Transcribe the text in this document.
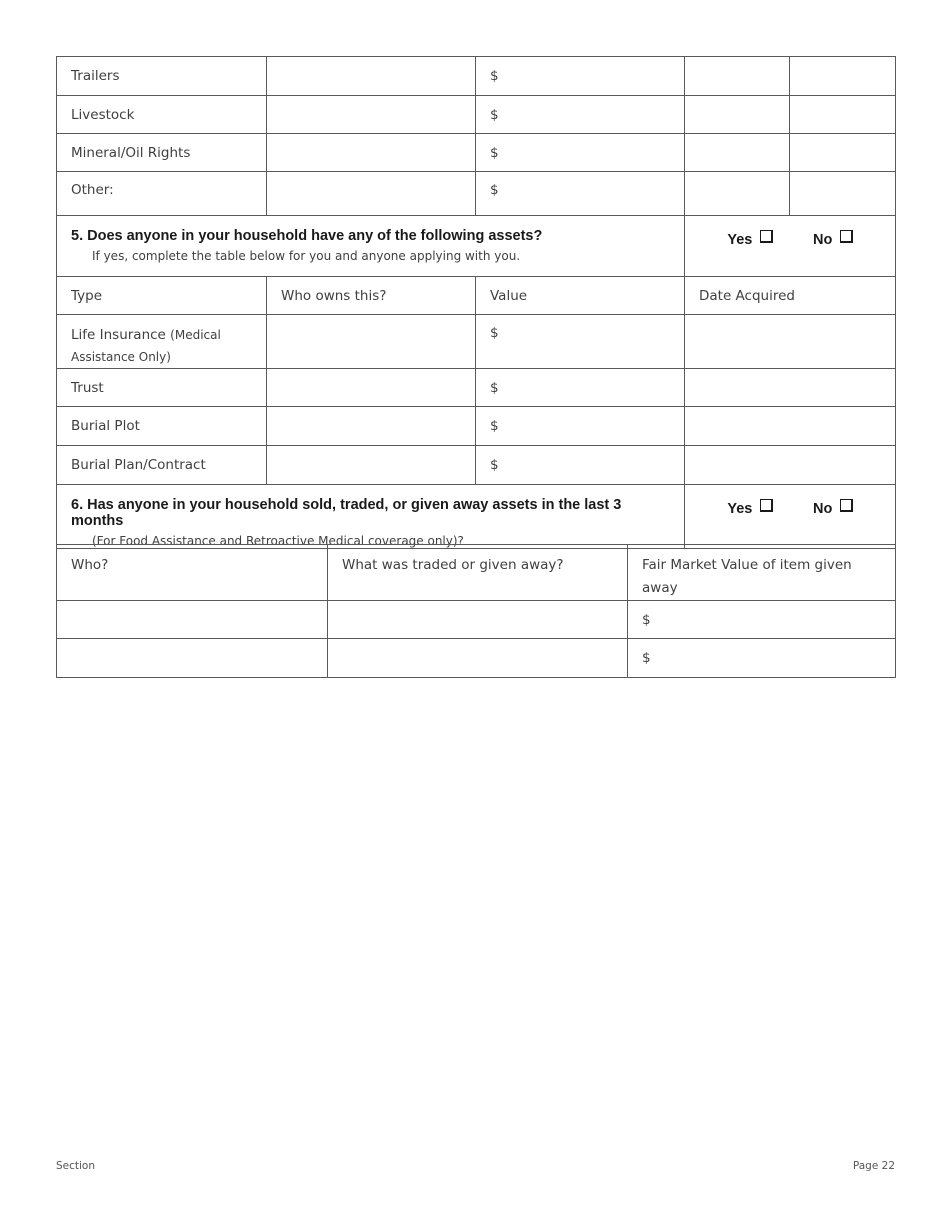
Trailers		$		
Livestock		$		
Mineral/Oil Rights		$		
Other:		$		
5. Does anyone in your household have any of the following assets?
If yes, complete the table below for you and anyone applying with you.			Yes No	
Type	Who owns this?	Value	Date Acquired	
Life Insurance (Medical Assistance Only)		$		
Trust		$		
Burial Plot		$		
Burial Plan/Contract		$		
6. Has anyone in your household sold, traded, or given away assets in the last 3 months
(For Food Assistance and Retroactive Medical coverage only)?			Yes No	
Who?	What was traded or given away?	Fair Market Value of item given away
		$
		$
Section	Page 22
